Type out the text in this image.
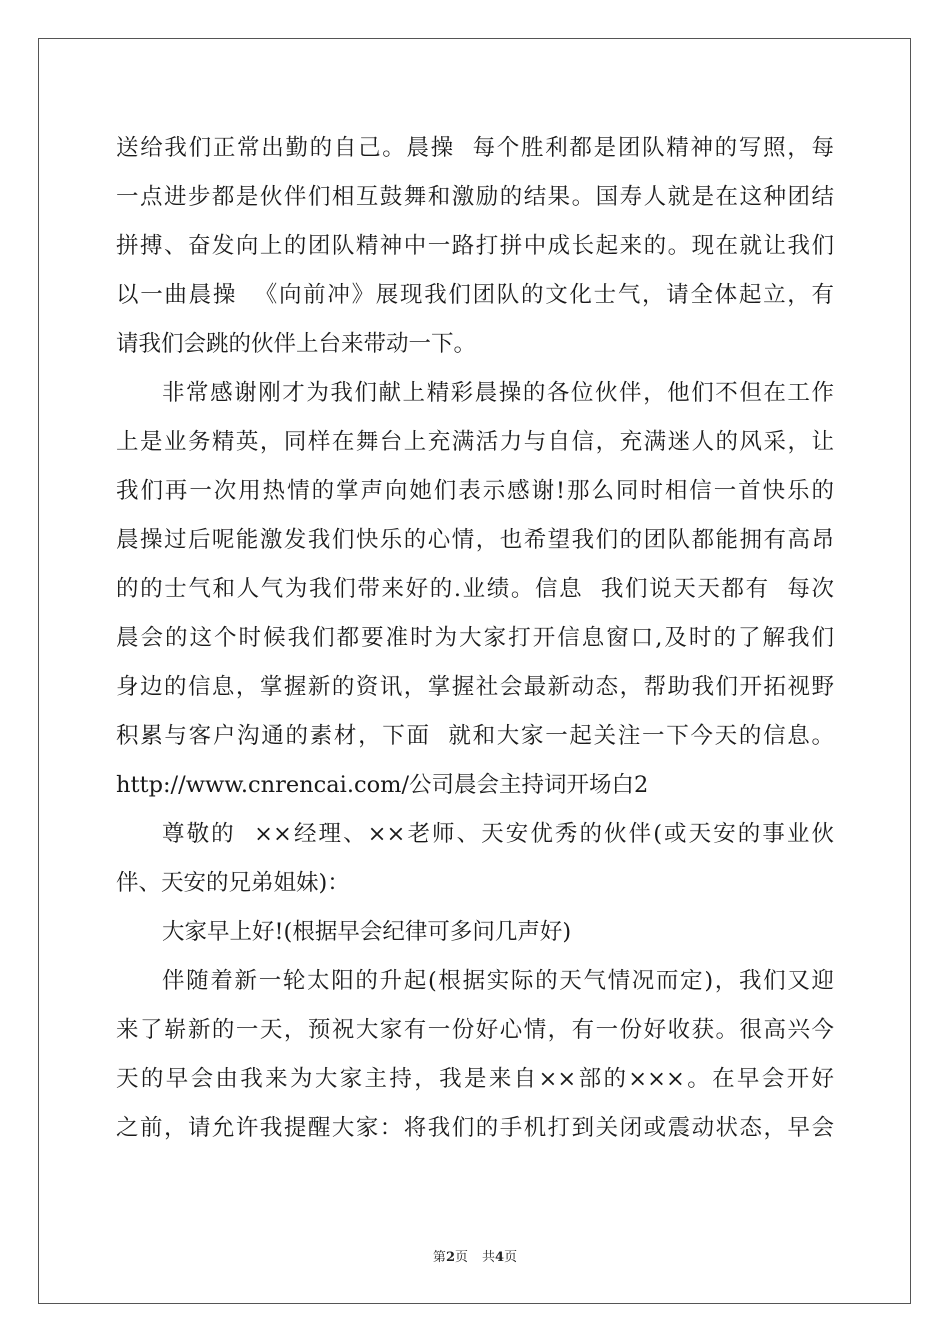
送给我们正常出勤的自己。晨操  每个胜利都是团队精神的写照，每
一点进步都是伙伴们相互鼓舞和激励的结果。国寿人就是在这种团结
拼搏、奋发向上的团队精神中一路打拼中成长起来的。现在就让我们
以一曲晨操  《向前冲》展现我们团队的文化士气，请全体起立，有
请我们会跳的伙伴上台来带动一下。
非常感谢刚才为我们献上精彩晨操的各位伙伴，他们不但在工作
上是业务精英，同样在舞台上充满活力与自信，充满迷人的风采，让
我们再一次用热情的掌声向她们表示感谢!那么同时相信一首快乐的
晨操过后呢能激发我们快乐的心情，也希望我们的团队都能拥有高昂
的的士气和人气为我们带来好的.业绩。信息  我们说天天都有  每次
晨会的这个时候我们都要准时为大家打开信息窗口,及时的了解我们
身边的信息，掌握新的资讯，掌握社会最新动态，帮助我们开拓视野
积累与客户沟通的素材，下面  就和大家一起关注一下今天的信息。
http://www.cnrencai.com/公司晨会主持词开场白2
尊敬的  ××经理、××老师、天安优秀的伙伴(或天安的事业伙
伴、天安的兄弟姐妹)：
大家早上好!(根据早会纪律可多问几声好)
伴随着新一轮太阳的升起(根据实际的天气情况而定)，我们又迎
来了崭新的一天，预祝大家有一份好心情，有一份好收获。很高兴今
天的早会由我来为大家主持，我是来自××部的×××。在早会开好
之前，请允许我提醒大家：将我们的手机打到关闭或震动状态，早会
第2页 共4页
